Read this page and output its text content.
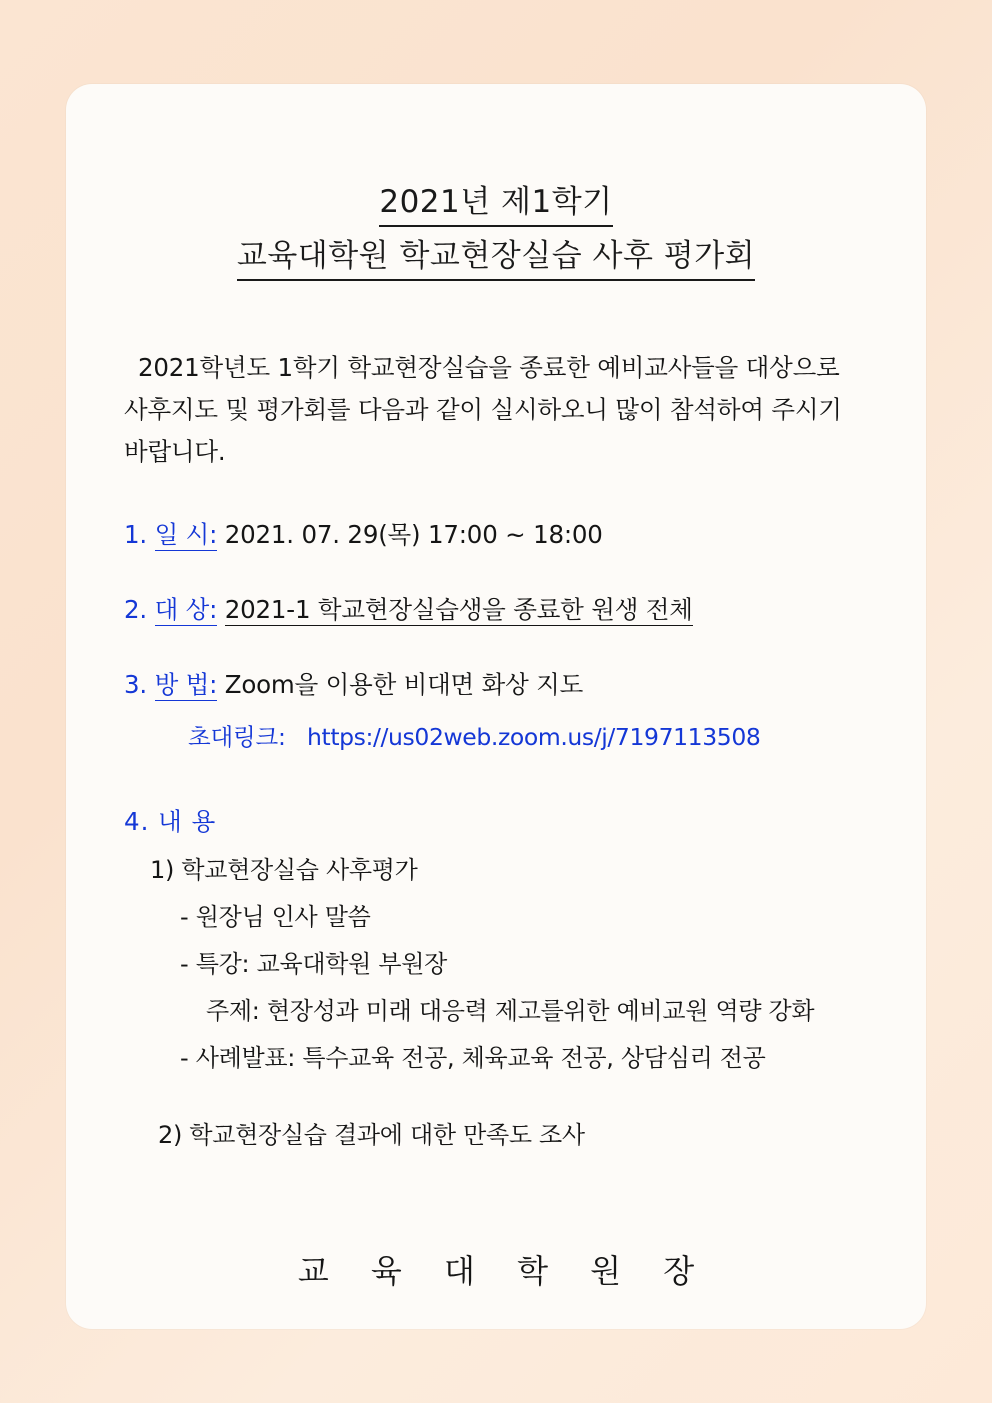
2021년 제1학기
교육대학원 학교현장실습 사후 평가회
2021학년도 1학기 학교현장실습을 종료한 예비교사들을 대상으로
사후지도 및 평가회를 다음과 같이 실시하오니 많이 참석하여 주시기 바랍니다.
1. 일 시: 2021. 07. 29(목) 17:00 ~ 18:00
2. 대 상: 2021-1 학교현장실습생을 종료한 원생 전체
3. 방 법: Zoom을 이용한 비대면 화상 지도
초대링크: https://us02web.zoom.us/j/7197113508
4. 내 용
1) 학교현장실습 사후평가
- 원장님 인사 말씀
- 특강: 교육대학원 부원장
주제: 현장성과 미래 대응력 제고를위한 예비교원 역량 강화
- 사례발표: 특수교육 전공, 체육교육 전공, 상담심리 전공
2) 학교현장실습 결과에 대한 만족도 조사
교 육 대 학 원 장
